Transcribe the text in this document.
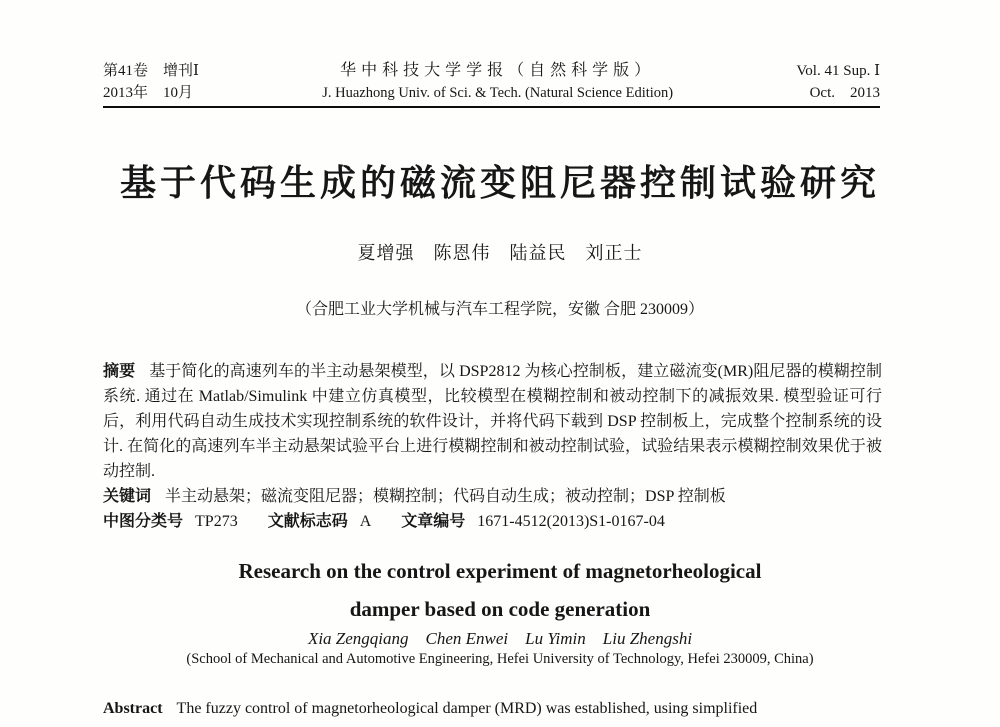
第41卷　增刊Ⅰ
2013年　10月
华中科技大学学报（自然科学版）
J. Huazhong Univ. of Sci. & Tech. (Natural Science Edition)
Vol. 41 Sup. Ⅰ
Oct.　2013
基于代码生成的磁流变阻尼器控制试验研究
夏增强　陈恩伟　陆益民　刘正士
（合肥工业大学机械与汽车工程学院，安徽 合肥 230009）

摘要 基于简化的高速列车的半主动悬架模型，以 DSP2812 为核心控制板，建立磁流变(MR)阻尼器的模糊控制系统. 通过在 Matlab/Simulink 中建立仿真模型，比较模型在模糊控制和被动控制下的减振效果. 模型验证可行后，利用代码自动生成技术实现控制系统的软件设计，并将代码下载到 DSP 控制板上，完成整个控制系统的设计. 在简化的高速列车半主动悬架试验平台上进行模糊控制和被动控制试验，试验结果表示模糊控制效果优于被动控制.

关键词 半主动悬架；磁流变阻尼器；模糊控制；代码自动生成；被动控制；DSP 控制板
中图分类号 TP273 文献标志码 A 文章编号 1671-4512(2013)S1-0167-04
Research on the control experiment of magnetorheological
damper based on code generation
Xia Zengqiang　Chen Enwei　Lu Yimin　Liu Zhengshi
(School of Mechanical and Automotive Engineering, Hefei University of Technology, Hefei 230009, China)

Abstract The fuzzy control of magnetorheological damper (MRD) was established, using simplified
